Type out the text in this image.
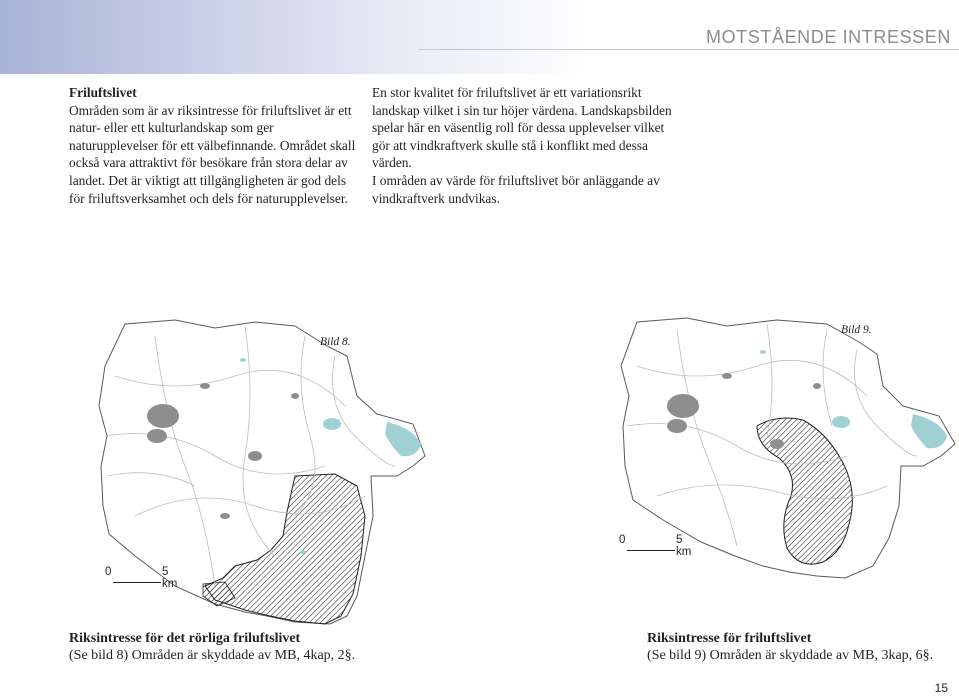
MOTSTÅENDE INTRESSEN

Friluftslivet

Områden som är av riksintresse för friluftslivet är ett natur- eller ett kulturlandskap som ger naturupplevelser för ett välbefinnande. Området skall också vara attraktivt för besökare från stora delar av landet. Det är viktigt att tillgängligheten är god dels för friluftsverksamhet och dels för naturupplevelser.

En stor kvalitet för friluftslivet är ett variationsrikt landskap vilket i sin tur höjer värdena. Landskapsbilden spelar här en väsentlig roll för dessa upplevelser vilket gör att vindkraftverk skulle stå i konflikt med dessa värden.

I områden av värde för friluftslivet bör anläggande av vindkraftverk undvikas.

Bild 8.
0	5 km
Bild 9.
0	5 km
Riksintresse för det rörliga friluftslivet
(Se bild 8) Områden är skyddade av MB, 4kap, 2§.
Riksintresse för friluftslivet
(Se bild 9) Områden är skyddade av MB, 3kap, 6§.
15
